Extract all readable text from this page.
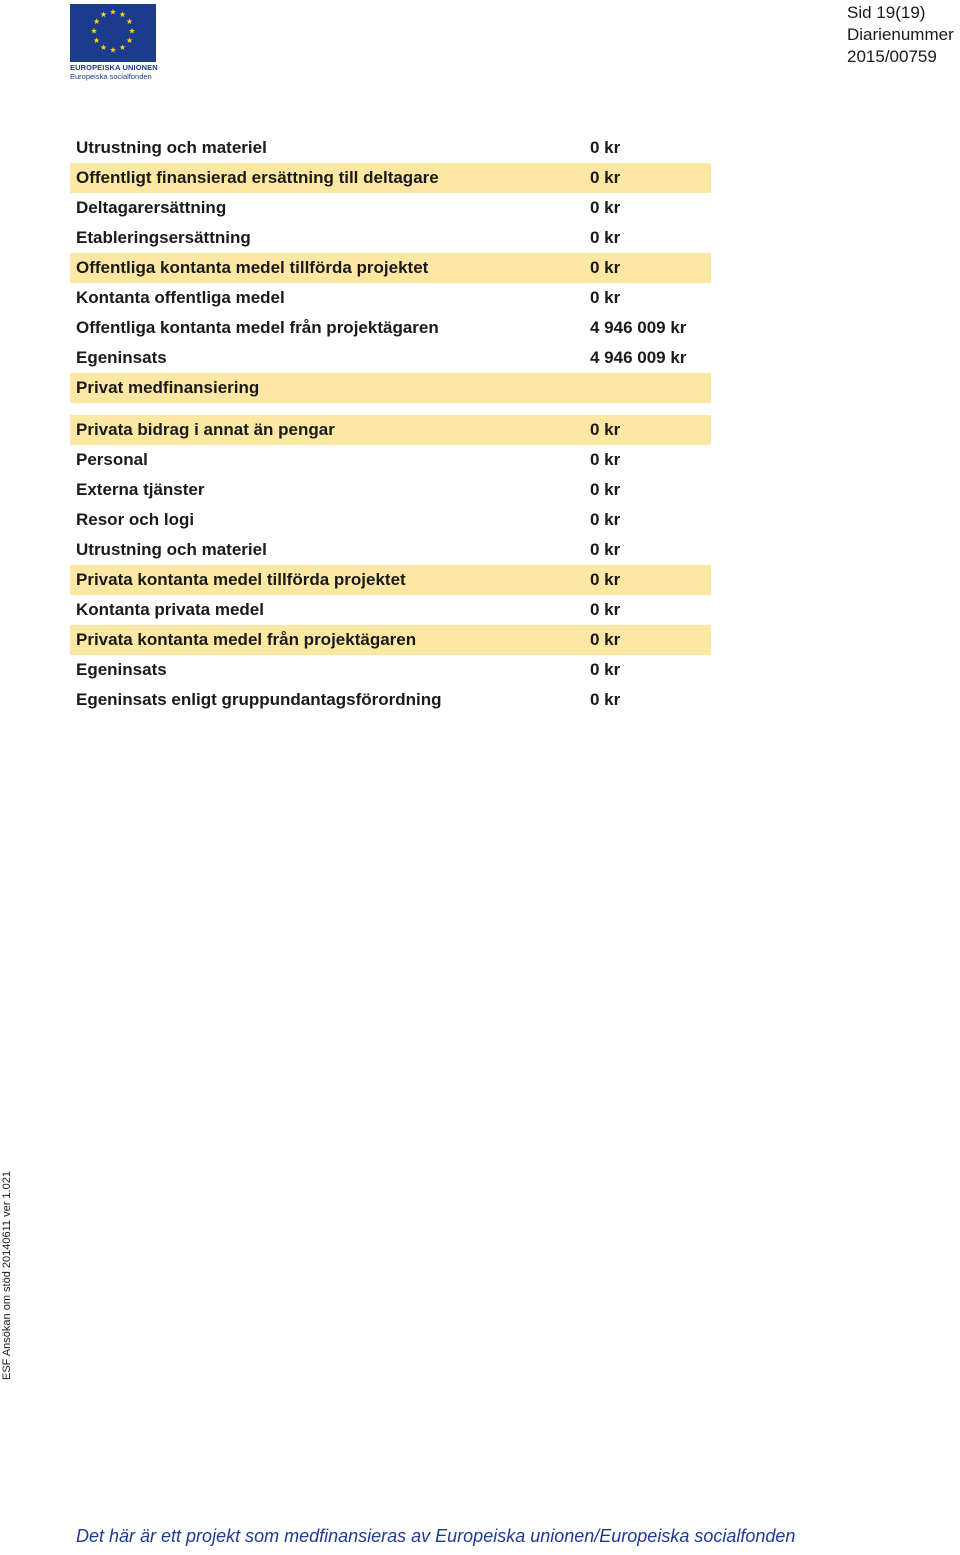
EUROPEISKA UNIONEN
Europeiska socialfonden
Sid 19(19)
Diarienummer
2015/00759
Utrustning och materiel	0 kr
Offentligt finansierad ersättning till deltagare	0 kr
Deltagarersättning	0 kr
Etableringsersättning	0 kr
Offentliga kontanta medel tillförda projektet	0 kr
Kontanta offentliga medel	0 kr
Offentliga kontanta medel från projektägaren	4 946 009 kr
Egeninsats	4 946 009 kr
Privat medfinansiering
Privata bidrag i annat än pengar	0 kr
Personal	0 kr
Externa tjänster	0 kr
Resor och logi	0 kr
Utrustning och materiel	0 kr
Privata kontanta medel tillförda projektet	0 kr
Kontanta privata medel	0 kr
Privata kontanta medel från projektägaren	0 kr
Egeninsats	0 kr
Egeninsats enligt gruppundantagsförordning	0 kr
ESF Ansökan om stöd 20140611 ver 1.021
Det här är ett projekt som medfinansieras av Europeiska unionen/Europeiska socialfonden
